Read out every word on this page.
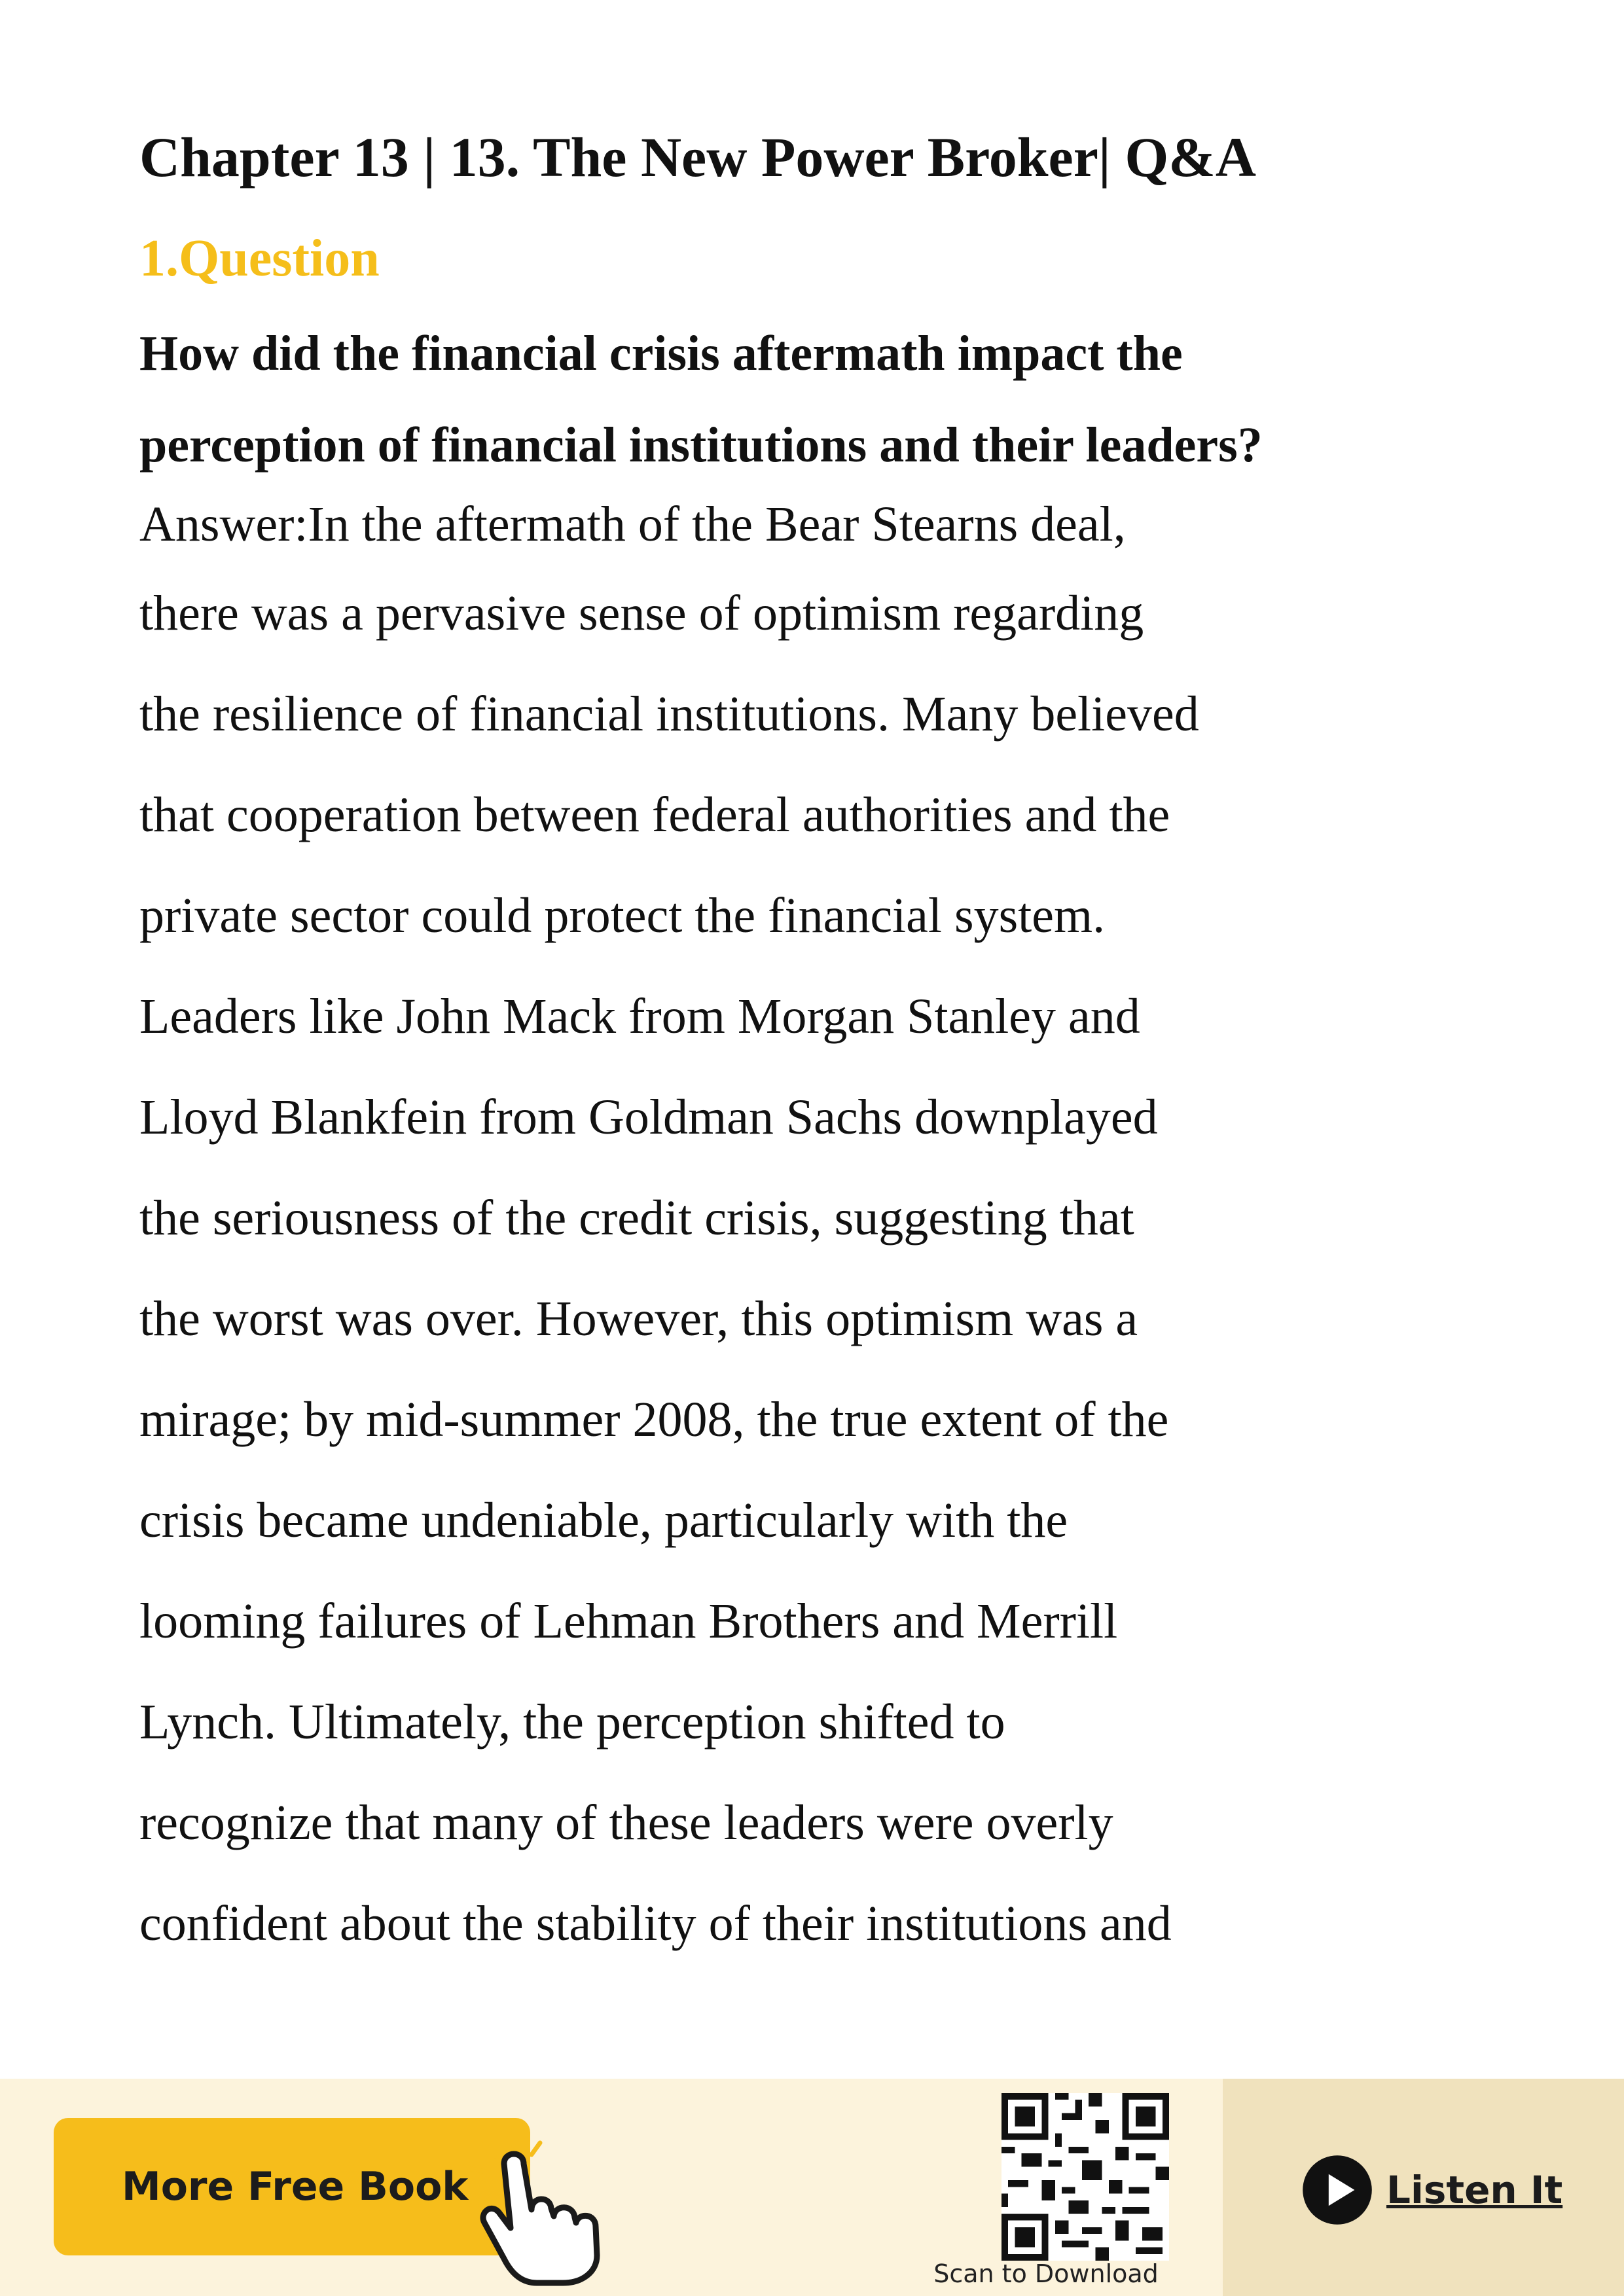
Chapter 13 | 13. The New Power Broker| Q&A
1.Question
How did the financial crisis aftermath impact the
perception of financial institutions and their leaders?
Answer:In the aftermath of the Bear Stearns deal,
there was a pervasive sense of optimism regarding
the resilience of financial institutions. Many believed
that cooperation between federal authorities and the
private sector could protect the financial system.
Leaders like John Mack from Morgan Stanley and
Lloyd Blankfein from Goldman Sachs downplayed
the seriousness of the credit crisis, suggesting that
the worst was over. However, this optimism was a
mirage; by mid-summer 2008, the true extent of the
crisis became undeniable, particularly with the
looming failures of Lehman Brothers and Merrill
Lynch. Ultimately, the perception shifted to
recognize that many of these leaders were overly
confident about the stability of their institutions and
More Free Book
Scan to Download
Listen It
